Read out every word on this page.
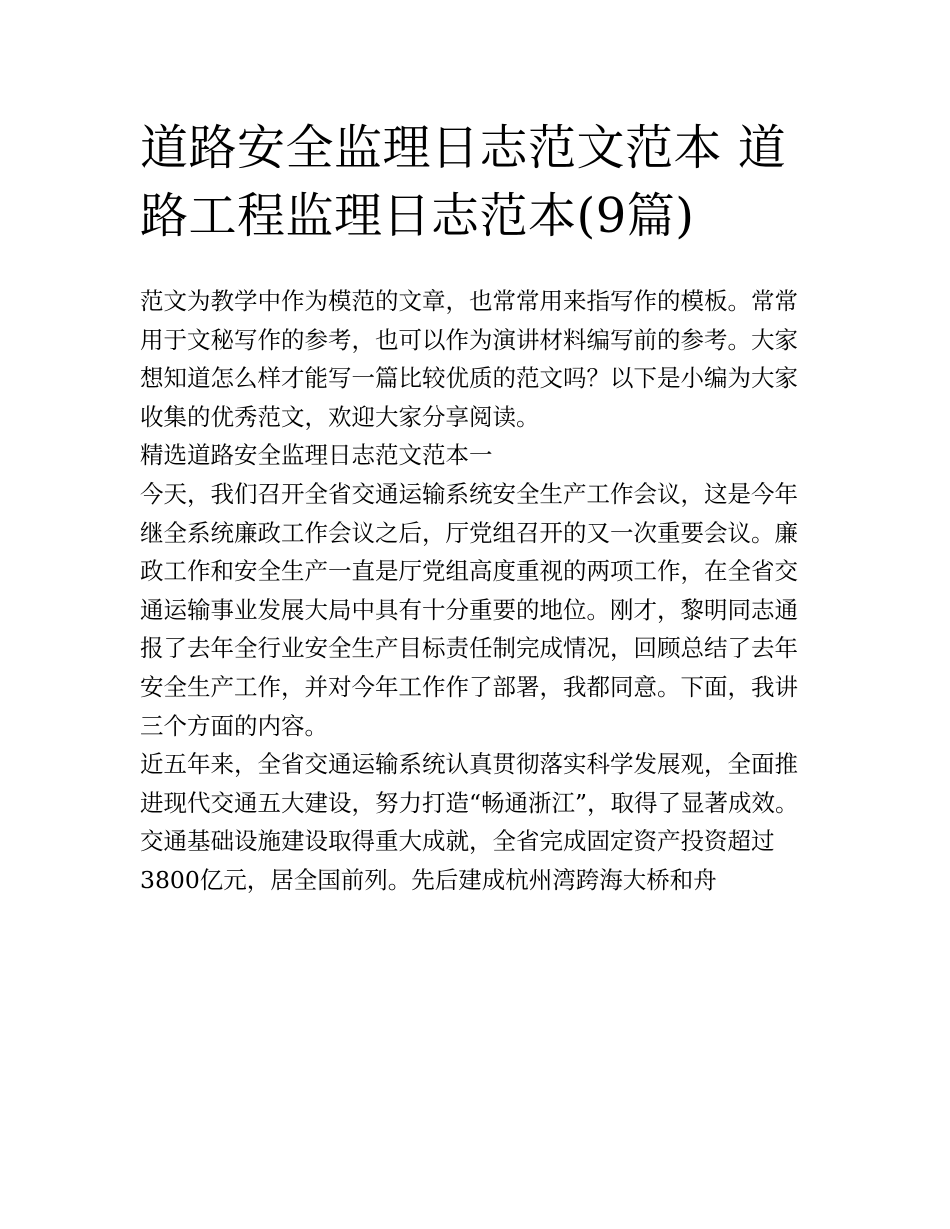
道路安全监理日志范文范本 道路工程监理日志范本(9篇)

范文为教学中作为模范的文章，也常常用来指写作的模板。常常用于文秘写作的参考，也可以作为演讲材料编写前的参考。大家想知道怎么样才能写一篇比较优质的范文吗？以下是小编为大家收集的优秀范文，欢迎大家分享阅读。

精选道路安全监理日志范文范本一

今天，我们召开全省交通运输系统安全生产工作会议，这是今年继全系统廉政工作会议之后，厅党组召开的又一次重要会议。廉政工作和安全生产一直是厅党组高度重视的两项工作，在全省交通运输事业发展大局中具有十分重要的地位。刚才，黎明同志通报了去年全行业安全生产目标责任制完成情况，回顾总结了去年安全生产工作，并对今年工作作了部署，我都同意。下面，我讲三个方面的内容。

近五年来，全省交通运输系统认真贯彻落实科学发展观，全面推进现代交通五大建设，努力打造“畅通浙江”，取得了显著成效。交通基础设施建设取得重大成就，全省完成固定资产投资超过3800亿元，居全国前列。先后建成杭州湾跨海大桥和舟
